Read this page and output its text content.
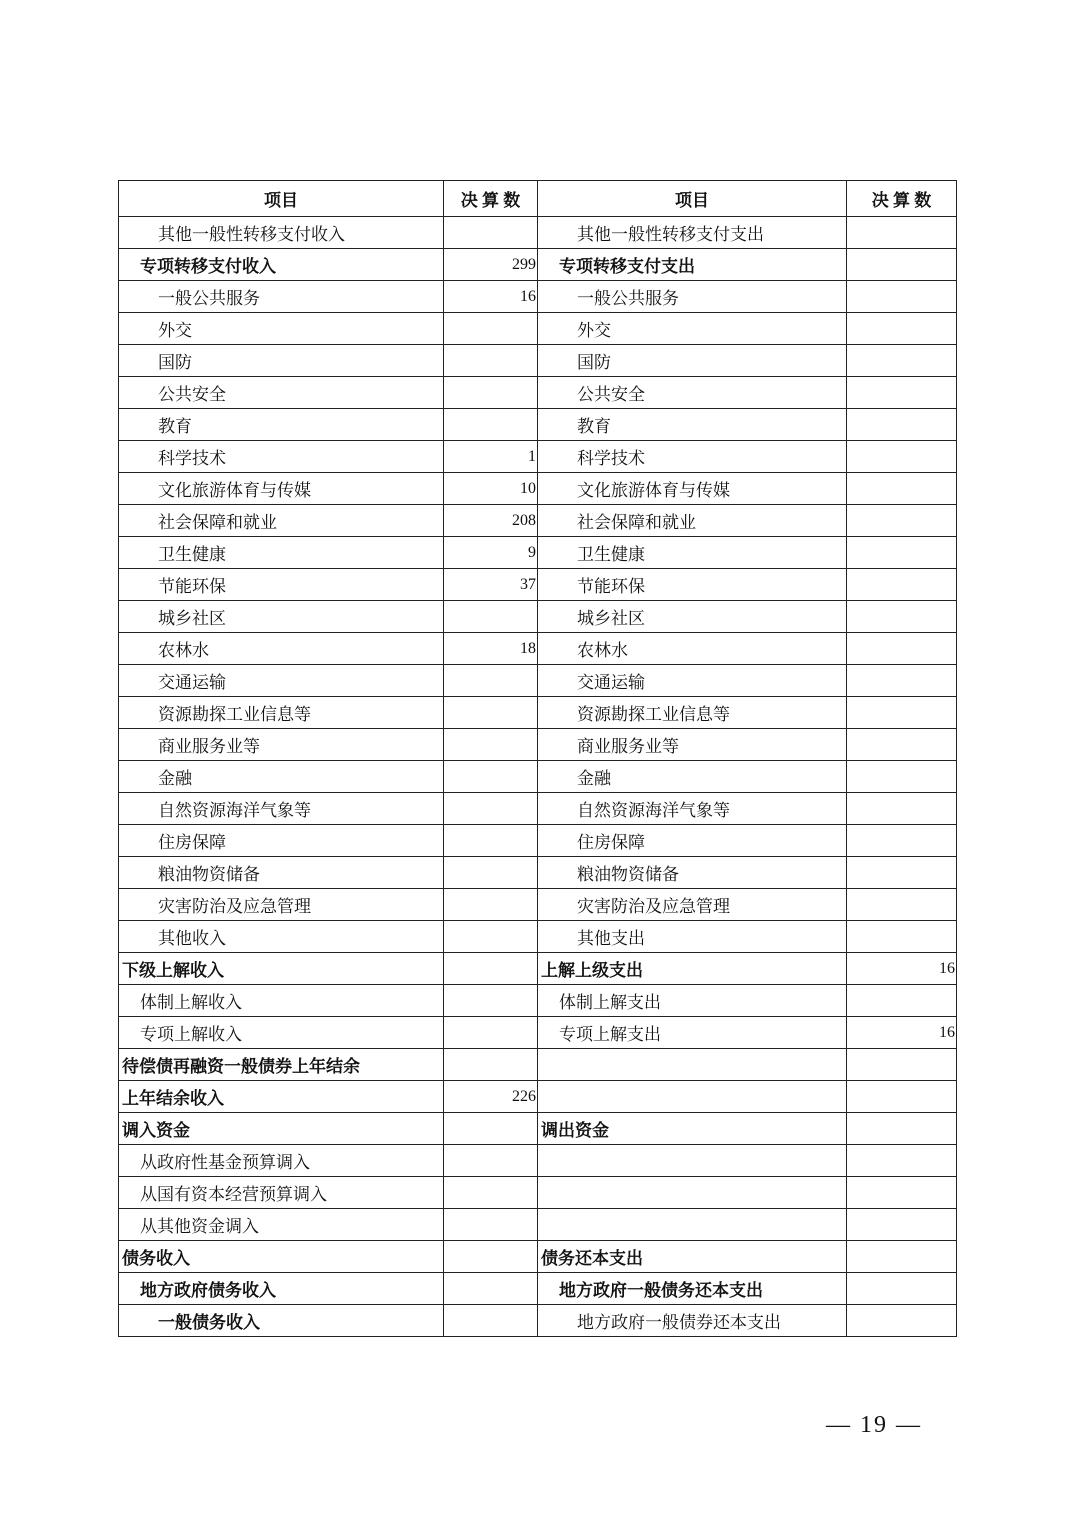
项目	决 算 数	项目	决 算 数
其他一般性转移支付收入		其他一般性转移支付支出	
专项转移支付收入	299	专项转移支付支出	
一般公共服务	16	一般公共服务	
外交		外交	
国防		国防	
公共安全		公共安全	
教育		教育	
科学技术	1	科学技术	
文化旅游体育与传媒	10	文化旅游体育与传媒	
社会保障和就业	208	社会保障和就业	
卫生健康	9	卫生健康	
节能环保	37	节能环保	
城乡社区		城乡社区	
农林水	18	农林水	
交通运输		交通运输	
资源勘探工业信息等		资源勘探工业信息等	
商业服务业等		商业服务业等	
金融		金融	
自然资源海洋气象等		自然资源海洋气象等	
住房保障		住房保障	
粮油物资储备		粮油物资储备	
灾害防治及应急管理		灾害防治及应急管理	
其他收入		其他支出	
下级上解收入		上解上级支出	16
体制上解收入		体制上解支出	
专项上解收入		专项上解支出	16
待偿债再融资一般债券上年结余			
上年结余收入	226		
调入资金		调出资金	
从政府性基金预算调入			
从国有资本经营预算调入			
从其他资金调入			
债务收入		债务还本支出	
地方政府债务收入		地方政府一般债务还本支出	
一般债务收入		地方政府一般债券还本支出	
— 19 —
